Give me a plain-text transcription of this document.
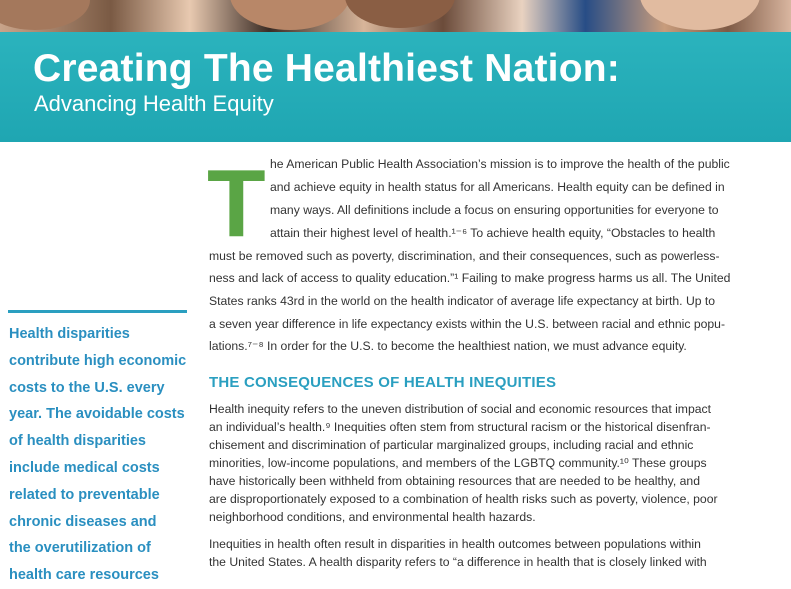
Creating The Healthiest Nation:
Advancing Health Equity
Health disparities
contribute high economic
costs to the U.S. every
year. The avoidable costs
of health disparities
include medical costs
related to preventable
chronic diseases and
the overutilization of
health care resources
T he American Public Health Association’s mission is to improve the health of the public
and achieve equity in health status for all Americans. Health equity can be defined in
many ways. All definitions include a focus on ensuring opportunities for everyone to
attain their highest level of health.¹⁻⁶ To achieve health equity, “Obstacles to health
must be removed such as poverty, discrimination, and their consequences, such as powerless-
ness and lack of access to quality education.”¹ Failing to make progress harms us all. The United
States ranks 43rd in the world on the health indicator of average life expectancy at birth. Up to
a seven year difference in life expectancy exists within the U.S. between racial and ethnic popu-
lations.⁷⁻⁸ In order for the U.S. to become the healthiest nation, we must advance equity.
THE CONSEQUENCES OF HEALTH INEQUITIES
Health inequity refers to the uneven distribution of social and economic resources that impact
an individual’s health.⁹ Inequities often stem from structural racism or the historical disenfran-
chisement and discrimination of particular marginalized groups, including racial and ethnic
minorities, low-income populations, and members of the LGBTQ community.¹⁰ These groups
have historically been withheld from obtaining resources that are needed to be healthy, and
are disproportionately exposed to a combination of health risks such as poverty, violence, poor
neighborhood conditions, and environmental health hazards.
Inequities in health often result in disparities in health outcomes between populations within
the United States. A health disparity refers to “a difference in health that is closely linked with
